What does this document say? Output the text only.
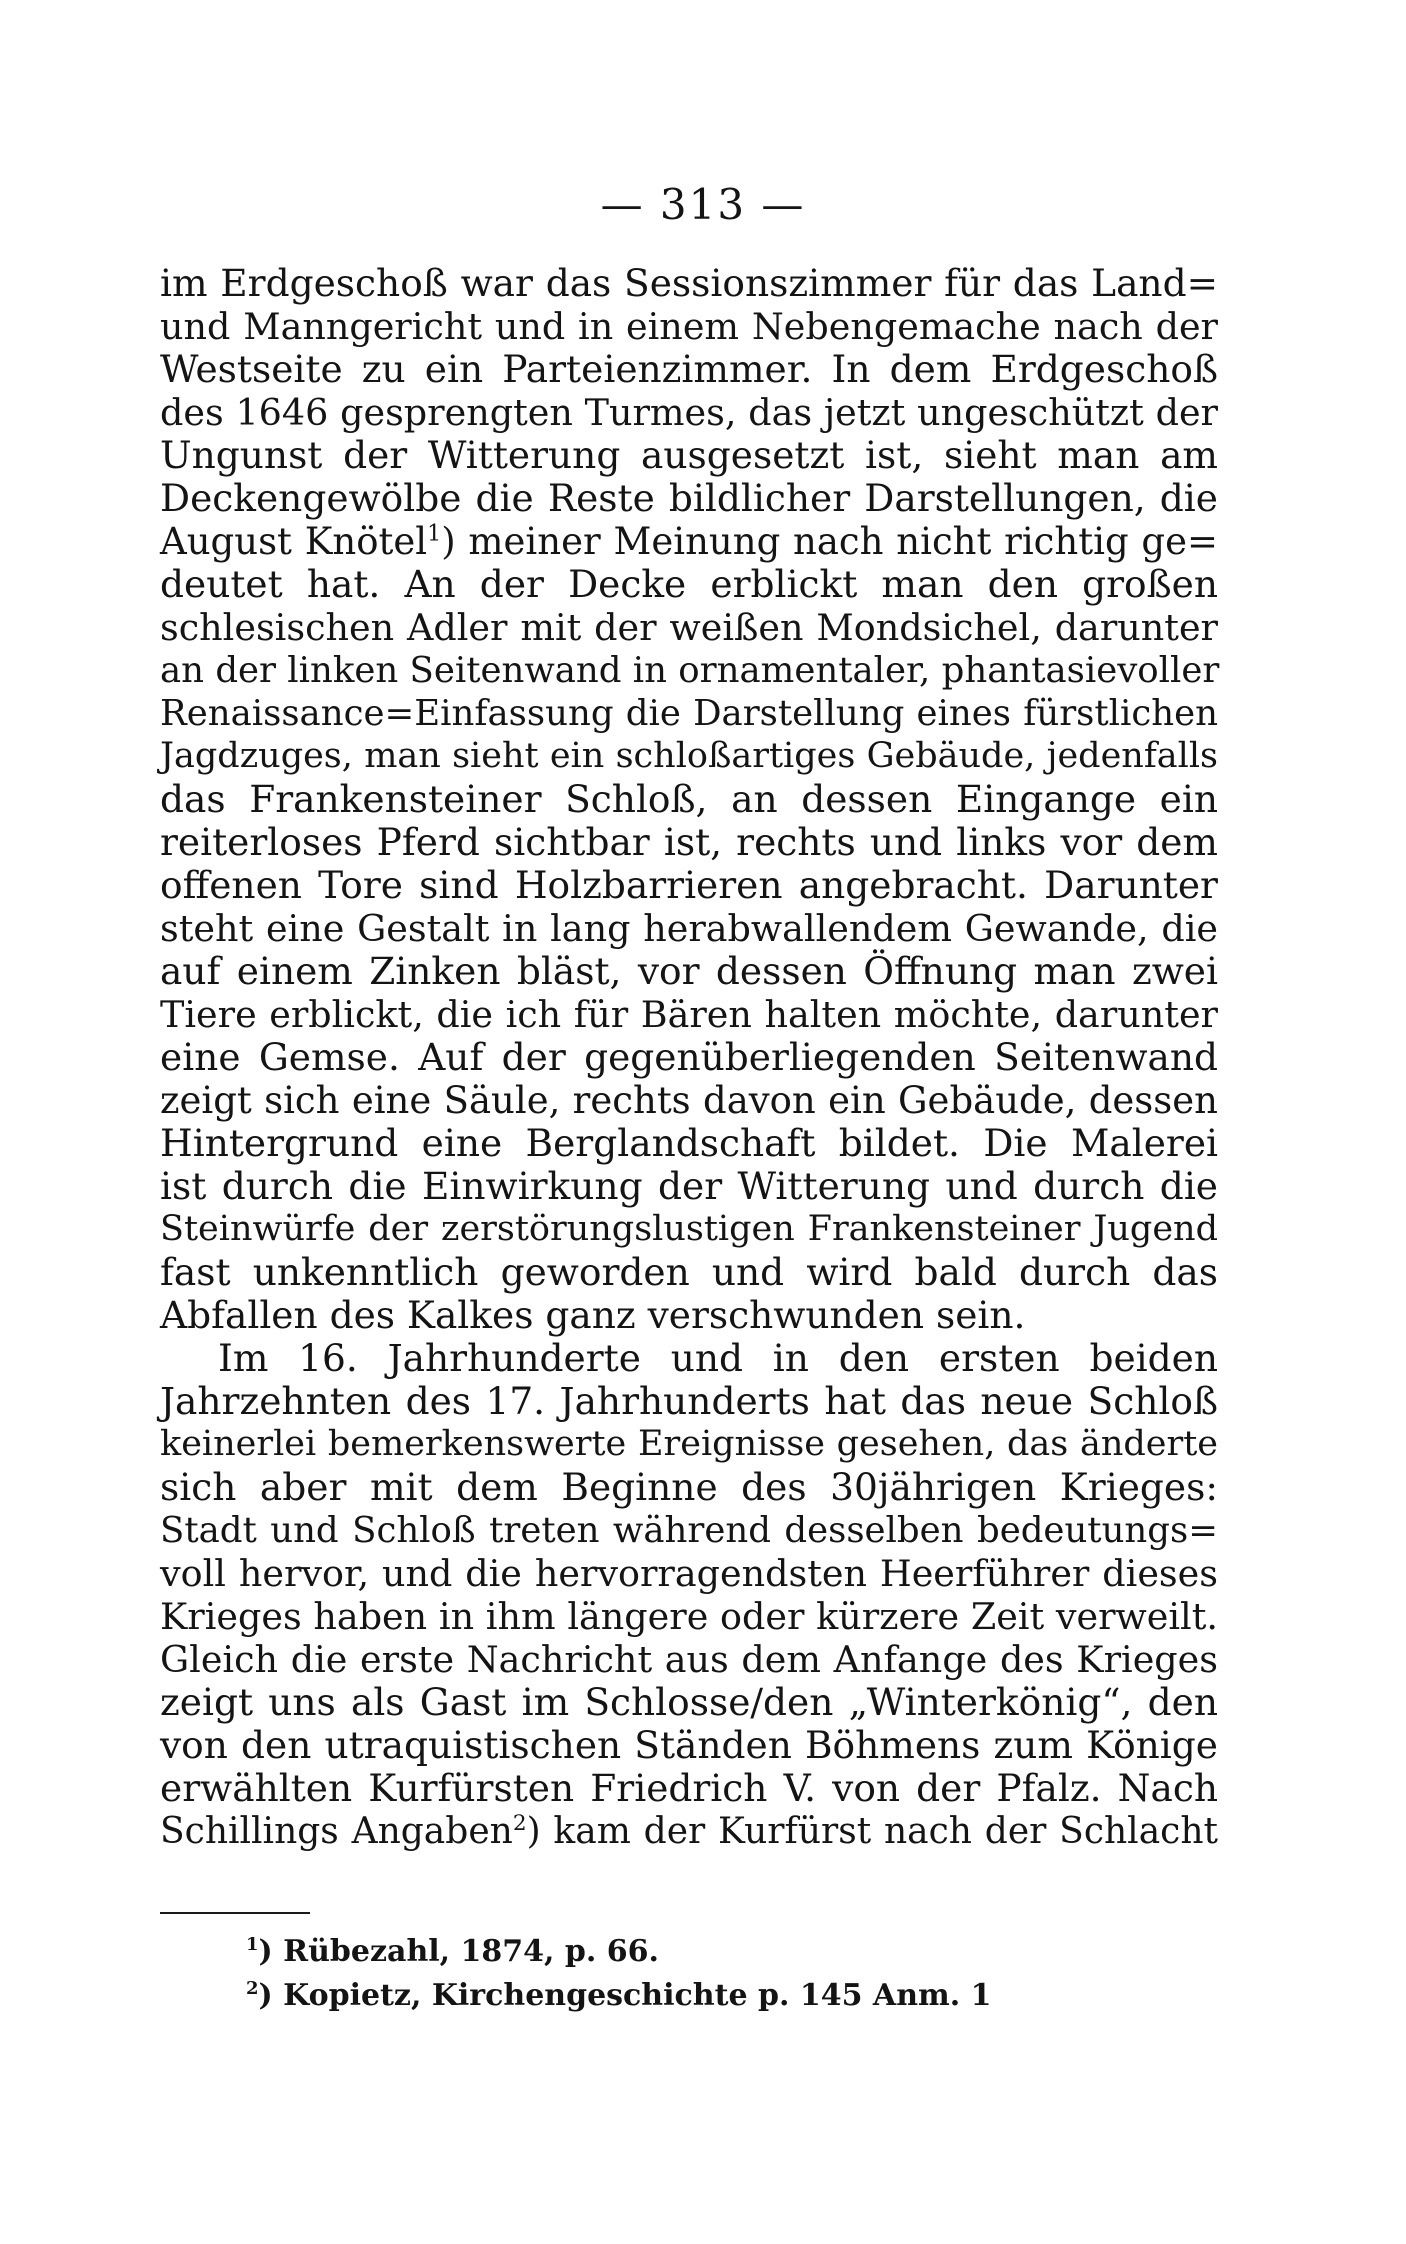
— 313 —
im Erdgeschoß war das Sessionszimmer für das Land=
und Manngericht und in einem Nebengemache nach der
Westseite zu ein Parteienzimmer. In dem Erdgeschoß
des 1646 gesprengten Turmes, das jetzt ungeschützt der
Ungunst der Witterung ausgesetzt ist, sieht man am
Deckengewölbe die Reste bildlicher Darstellungen, die
August Knötel$^1$) meiner Meinung nach nicht richtig ge=
deutet hat. An der Decke erblickt man den großen
schlesischen Adler mit der weißen Mondsichel, darunter
an der linken Seitenwand in ornamentaler, phantasievoller
Renaissance=Einfassung die Darstellung eines fürstlichen
Jagdzuges, man sieht ein schloßartiges Gebäude, jedenfalls
das Frankensteiner Schloß, an dessen Eingange ein
reiterloses Pferd sichtbar ist, rechts und links vor dem
offenen Tore sind Holzbarrieren angebracht. Darunter
steht eine Gestalt in lang herabwallendem Gewande, die
auf einem Zinken bläst, vor dessen Öffnung man zwei
Tiere erblickt, die ich für Bären halten möchte, darunter
eine Gemse. Auf der gegenüberliegenden Seitenwand
zeigt sich eine Säule, rechts davon ein Gebäude, dessen
Hintergrund eine Berglandschaft bildet. Die Malerei
ist durch die Einwirkung der Witterung und durch die
Steinwürfe der zerstörungslustigen Frankensteiner Jugend
fast unkenntlich geworden und wird bald durch das
Abfallen des Kalkes ganz verschwunden sein.
Im 16. Jahrhunderte und in den ersten beiden
Jahrzehnten des 17. Jahrhunderts hat das neue Schloß
keinerlei bemerkenswerte Ereignisse gesehen, das änderte
sich aber mit dem Beginne des 30jährigen Krieges:
Stadt und Schloß treten während desselben bedeutungs=
voll hervor, und die hervorragendsten Heerführer dieses
Krieges haben in ihm längere oder kürzere Zeit verweilt.
Gleich die erste Nachricht aus dem Anfange des Krieges
zeigt uns als Gast im Schlosse/den „Winterkönig“, den
von den utraquistischen Ständen Böhmens zum Könige
erwählten Kurfürsten Friedrich V. von der Pfalz. Nach
Schillings Angaben$^2$) kam der Kurfürst nach der Schlacht
$^1$) Rübezahl, 1874, p. 66.
$^2$) Kopietz, Kirchengeschichte p. 145 Anm. 1
